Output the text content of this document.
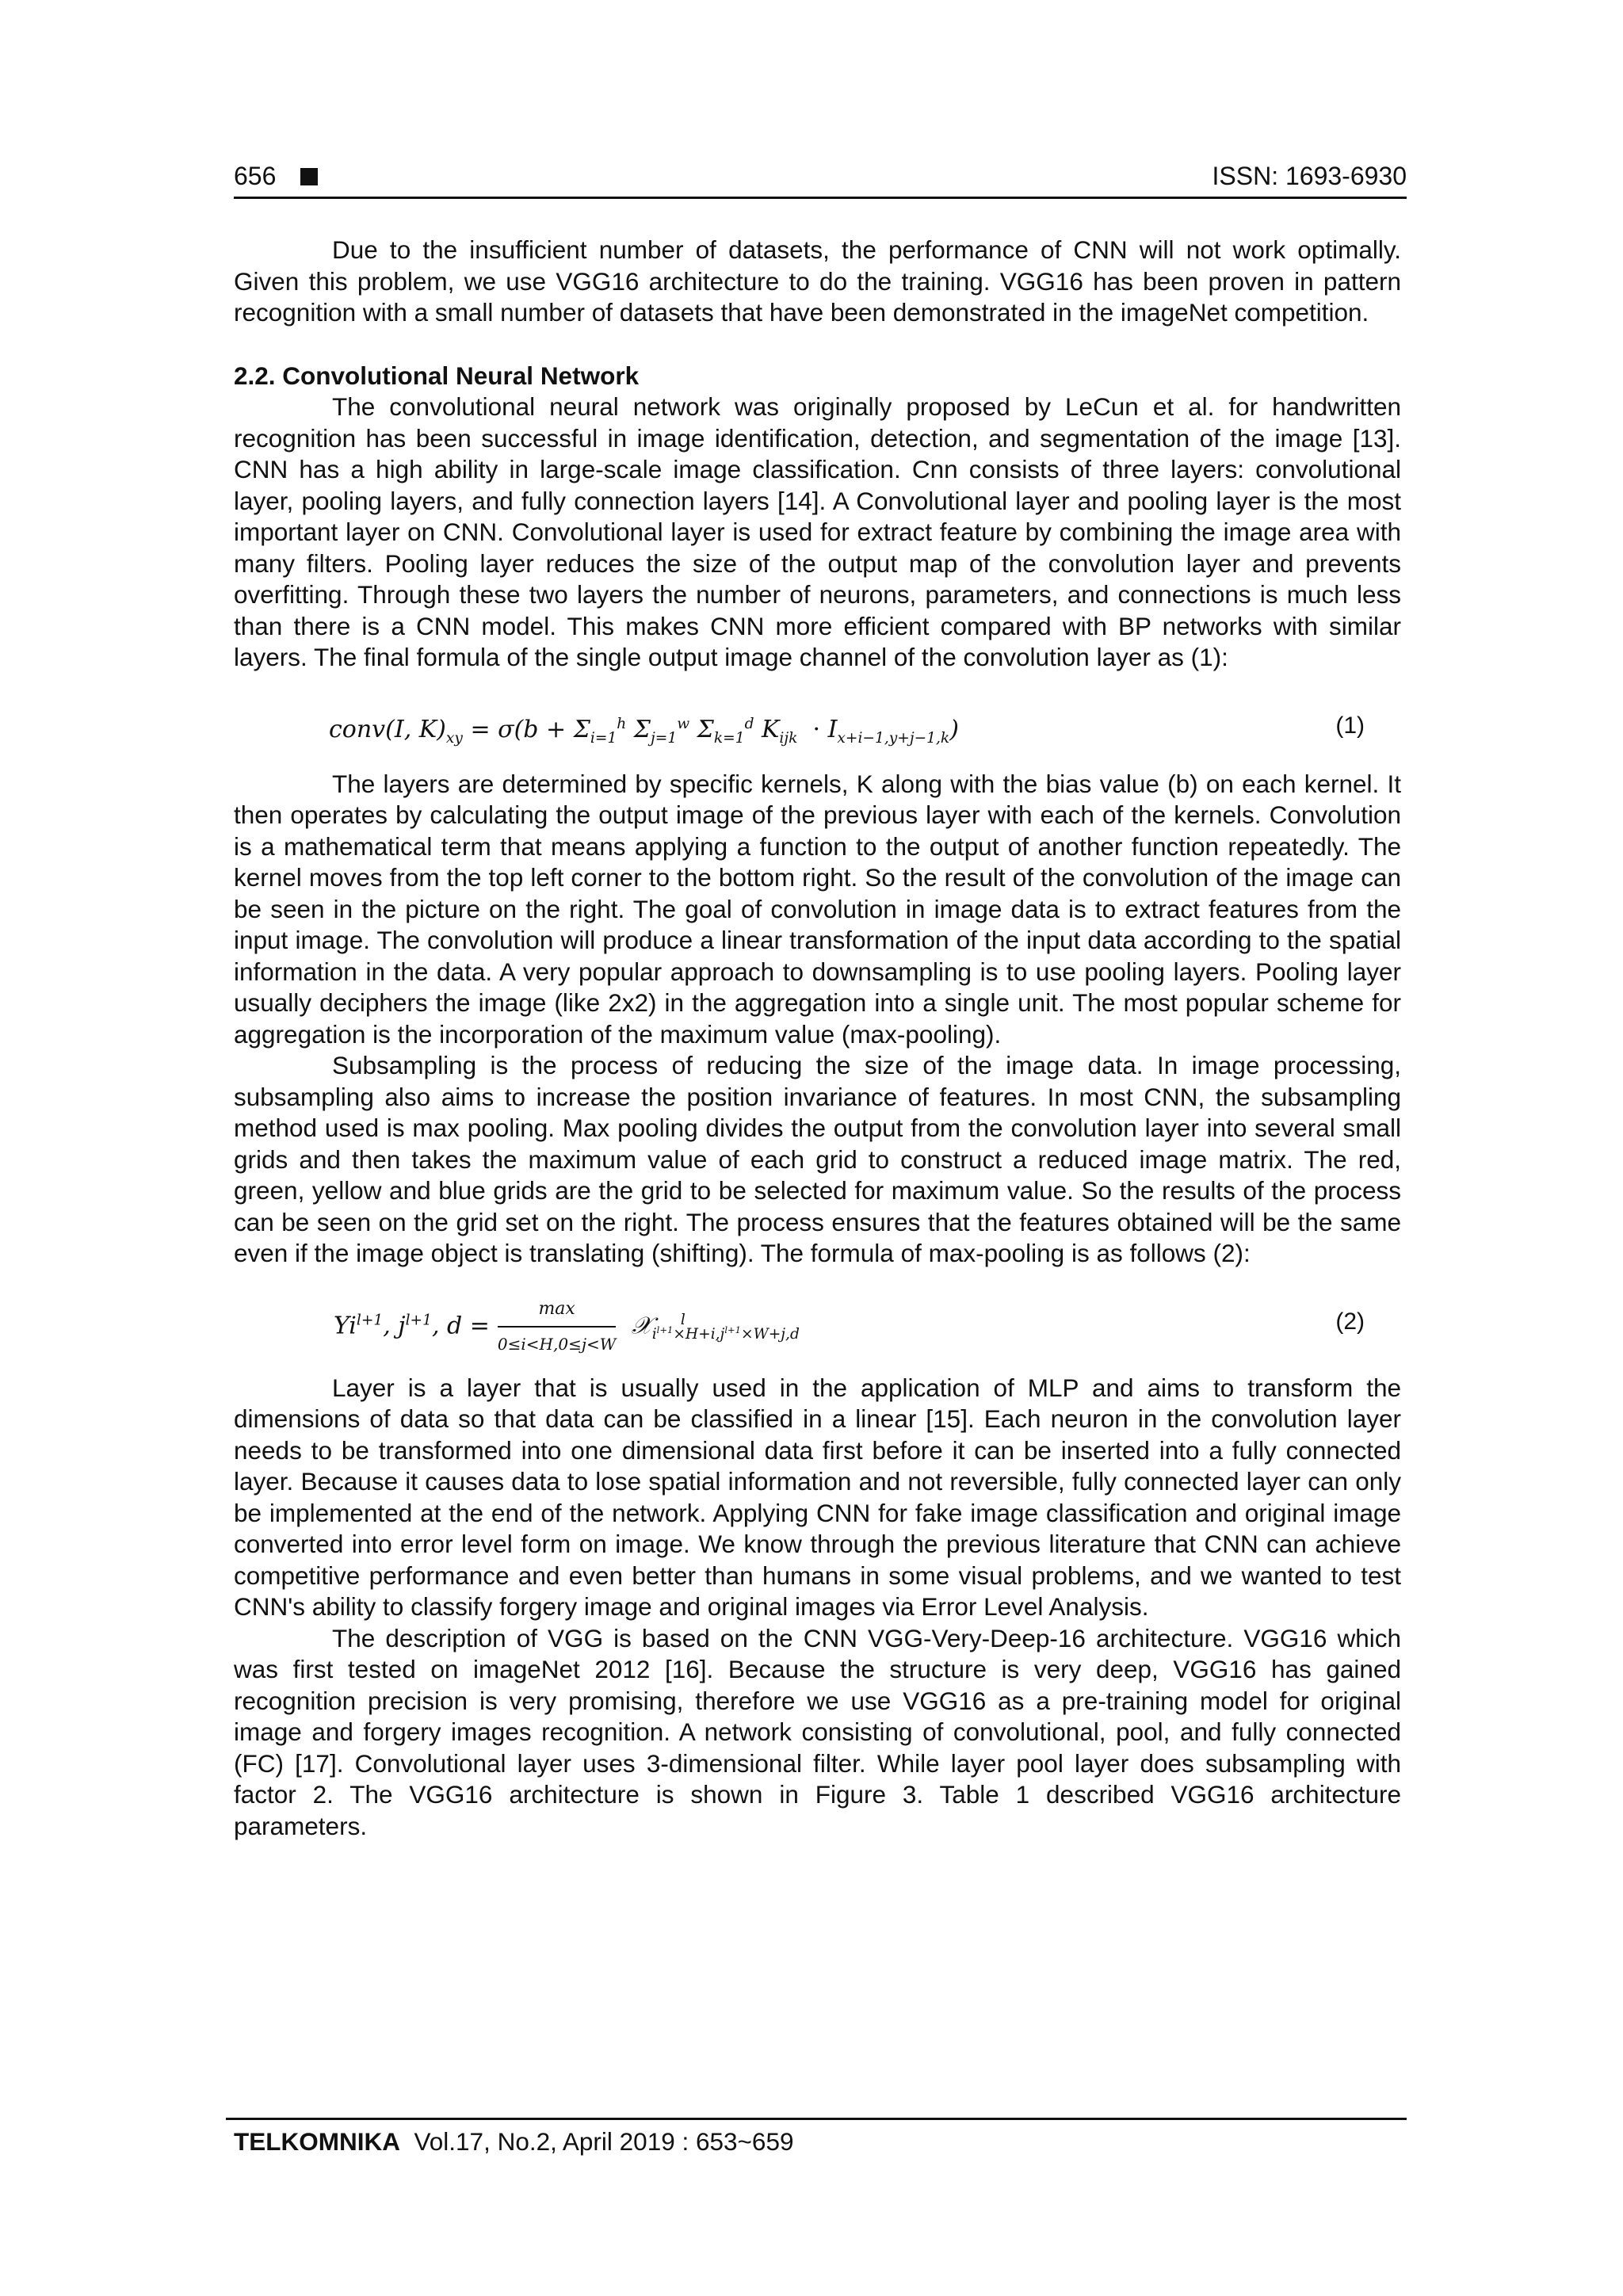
656	ISSN: 1693-6930

Due to the insufficient number of datasets, the performance of CNN will not work optimally. Given this problem, we use VGG16 architecture to do the training. VGG16 has been proven in pattern recognition with a small number of datasets that have been demonstrated in the imageNet competition.

2.2. Convolutional Neural Network

The convolutional neural network was originally proposed by LeCun et al. for handwritten recognition has been successful in image identification, detection, and segmentation of the image [13]. CNN has a high ability in large-scale image classification. Cnn consists of three layers: convolutional layer, pooling layers, and fully connection layers [14]. A Convolutional layer and pooling layer is the most important layer on CNN. Convolutional layer is used for extract feature by combining the image area with many filters. Pooling layer reduces the size of the output map of the convolution layer and prevents overfitting. Through these two layers the number of neurons, parameters, and connections is much less than there is a CNN model. This makes CNN more efficient compared with BP networks with similar layers. The final formula of the single output image channel of the convolution layer as (1):

conv(I, $K)_{xy} = \sigma(b + \Sigma_{i=1}^h$ $\Sigma_{j=1}^w$ $\Sigma_{k=1}^d$ $K_{ijk} \cdot I_{x+i-1,y+j-1,k}$)	(1)

The layers are determined by specific kernels, K along with the bias value (b) on each kernel. It then operates by calculating the output image of the previous layer with each of the kernels. Convolution is a mathematical term that means applying a function to the output of another function repeatedly. The kernel moves from the top left corner to the bottom right. So the result of the convolution of the image can be seen in the picture on the right. The goal of convolution in image data is to extract features from the input image. The convolution will produce a linear transformation of the input data according to the spatial information in the data. A very popular approach to downsampling is to use pooling layers. Pooling layer usually deciphers the image (like 2x2) in the aggregation into a single unit. The most popular scheme for aggregation is the incorporation of the maximum value (max-pooling).

Subsampling is the process of reducing the size of the image data. In image processing, subsampling also aims to increase the position invariance of features. In most CNN, the subsampling method used is max pooling. Max pooling divides the output from the convolution layer into several small grids and then takes the maximum value of each grid to construct a reduced image matrix. The red, green, yellow and blue grids are the grid to be selected for maximum value. So the results of the process can be seen on the grid set on the right. The process ensures that the features obtained will be the same even if the image object is translating (shifting). The formula of max-pooling is as follows (2):

$Yi^{l+1}$, $j^{l+1}$, $d = \frac{\max}{0\le i<H,0\le j<W}$ 𝒳$_{i^{l+1}\times H+i,j^{l+1}\times W+j,d}^l$	(2)

Layer is a layer that is usually used in the application of MLP and aims to transform the dimensions of data so that data can be classified in a linear [15]. Each neuron in the convolution layer needs to be transformed into one dimensional data first before it can be inserted into a fully connected layer. Because it causes data to lose spatial information and not reversible, fully connected layer can only be implemented at the end of the network. Applying CNN for fake image classification and original image converted into error level form on image. We know through the previous literature that CNN can achieve competitive performance and even better than humans in some visual problems, and we wanted to test CNN's ability to classify forgery image and original images via Error Level Analysis.

The description of VGG is based on the CNN VGG-Very-Deep-16 architecture. VGG16 which was first tested on imageNet 2012 [16]. Because the structure is very deep, VGG16 has gained recognition precision is very promising, therefore we use VGG16 as a pre-training model for original image and forgery images recognition. A network consisting of convolutional, pool, and fully connected (FC) [17]. Convolutional layer uses 3-dimensional filter. While layer pool layer does subsampling with factor 2. The VGG16 architecture is shown in Figure 3. Table 1 described VGG16 architecture parameters.

TELKOMNIKA Vol.17, No.2, April 2019 : 653~659
